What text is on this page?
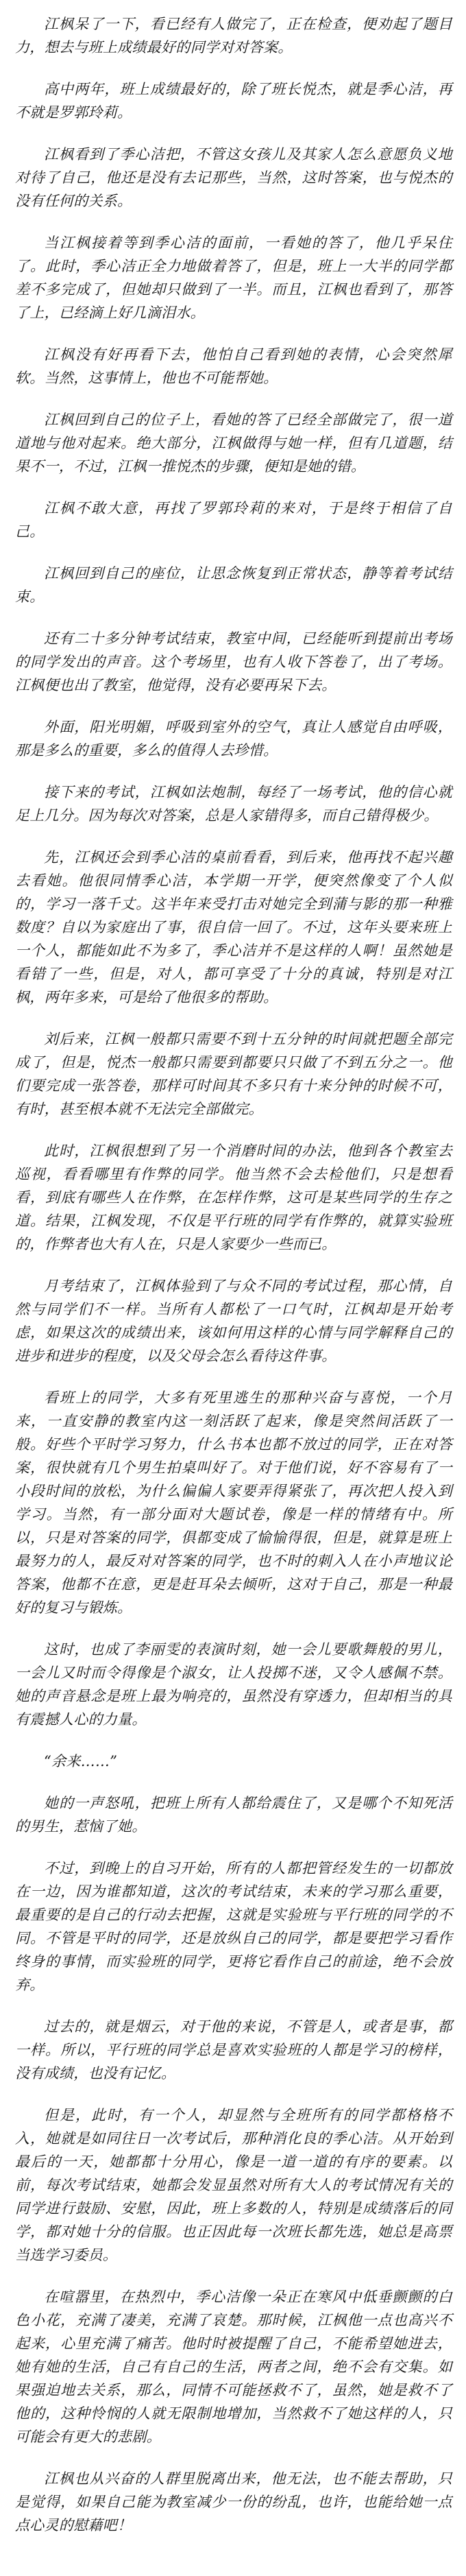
江枫呆了一下，看已经有人做完了，正在检查，便劝起了题目力，想去与班上成绩最好的同学对对答案。

高中两年，班上成绩最好的，除了班长悦杰，就是季心洁，再不就是罗郭玲莉。

江枫看到了季心洁把，不管这女孩儿及其家人怎么意愿负义地对待了自己，他还是没有去记那些，当然，这时答案，也与悦杰的没有任何的关系。

当江枫接着等到季心洁的面前，一看她的答了，他几乎呆住了。此时，季心洁正全力地做着答了，但是，班上一大半的同学都差不多完成了，但她却只做到了一半。而且，江枫也看到了，那答了上，已经滴上好几滴泪水。

江枫没有好再看下去，他怕自己看到她的表情，心会突然犀软。当然，这事情上，他也不可能帮她。

江枫回到自己的位子上，看她的答了已经全部做完了，很一道道地与他对起来。绝大部分，江枫做得与她一样，但有几道题，结果不一，不过，江枫一推悦杰的步骤，便知是她的错。

江枫不敢大意，再找了罗郭玲莉的来对，于是终于相信了自己。

江枫回到自己的座位，让思念恢复到正常状态，静等着考试结束。

还有二十多分钟考试结束，教室中间，已经能听到提前出考场的同学发出的声音。这个考场里，也有人收下答卷了，出了考场。江枫便也出了教室，他觉得，没有必要再呆下去。

外面，阳光明媚，呼吸到室外的空气，真让人感觉自由呼吸，那是多么的重要，多么的值得人去珍惜。

接下来的考试，江枫如法炮制，每经了一场考试，他的信心就足上几分。因为每次对答案，总是人家错得多，而自己错得极少。

先，江枫还会到季心洁的桌前看看，到后来，他再找不起兴趣去看她。他很同情季心洁，本学期一开学，便突然像变了个人似的，学习一落千丈。这半年来受打击对她完全到蒲与影的那一种雅数度？自以为家庭出了事，很自信一回了。不过，这年头要来班上一个人，都能如此不为多了，季心洁并不是这样的人啊！虽然她是看错了一些，但是，对人，都可享受了十分的真诚，特别是对江枫，两年多来，可是给了他很多的帮助。

刘后来，江枫一般都只需要不到十五分钟的时间就把题全部完成了，但是，悦杰一般都只需要到都要只只做了不到五分之一。他们要完成一张答卷，那样可时间其不多只有十来分钟的时候不可，有时，甚至根本就不无法完全部做完。

此时，江枫很想到了另一个消磨时间的办法，他到各个教室去巡视，看看哪里有作弊的同学。他当然不会去检他们，只是想看看，到底有哪些人在作弊，在怎样作弊，这可是某些同学的生存之道。结果，江枫发现，不仅是平行班的同学有作弊的，就算实验班的，作弊者也大有人在，只是人家要少一些而已。

月考结束了，江枫体验到了与众不同的考试过程，那心情，自然与同学们不一样。当所有人都松了一口气时，江枫却是开始考虑，如果这次的成绩出来，该如何用这样的心情与同学解释自己的进步和进步的程度，以及父母会怎么看待这件事。

看班上的同学，大多有死里逃生的那种兴奋与喜悦，一个月来，一直安静的教室内这一刻活跃了起来，像是突然间活跃了一般。好些个平时学习努力，什么书本也都不放过的同学，正在对答案，很快就有几个男生拍桌叫好了。对于他们说，好不容易有了一小段时间的放松，为什么偏偏人家要弄得紧张了，再次把人投入到学习。当然，有一部分面对大题试卷，像是一样的情绪有中。所以，只是对答案的同学，俱都变成了愉愉得很，但是，就算是班上最努力的人，最反对对答案的同学，也不时的刺入人在小声地议论答案，他都不在意，更是赶耳朵去倾听，这对于自己，那是一种最好的复习与锻炼。

这时，也成了李丽雯的表演时刻，她一会儿要歌舞般的男儿，一会儿又时而令得像是个淑女，让人投掷不迷，又令人感佩不禁。她的声音悬念是班上最为响亮的，虽然没有穿透力，但却相当的具有震撼人心的力量。

“余来……”

她的一声怒吼，把班上所有人都给震住了，又是哪个不知死活的男生，惹恼了她。

不过，到晚上的自习开始，所有的人都把管经发生的一切都放在一边，因为谁都知道，这次的考试结束，未来的学习那么重要，最重要的是自己的行动去把握，这就是实验班与平行班的同学的不同。不管是平时的同学，还是放纵自己的同学，都是要把学习看作终身的事情，而实验班的同学，更将它看作自己的前途，绝不会放弃。

过去的，就是烟云，对于他的来说，不管是人，或者是事，都一样。所以，平行班的同学总是喜欢实验班的人都是学习的榜样，没有成绩，也没有记忆。

但是，此时，有一个人，却显然与全班所有的同学都格格不入，她就是如同往日一次考试后，那种消化良的季心洁。从开始到最后的一天，她都都十分用心，像是一道一道的有序的要素。以前，每次考试结束，她都会发显虽然对所有大人的考试情况有关的同学进行鼓励、安慰，因此，班上多数的人，特别是成绩落后的同学，都对她十分的信服。也正因此每一次班长都先选，她总是高票当选学习委员。

在喧嚣里，在热烈中，季心洁像一朵正在寒风中低垂颤颤的白色小花，充满了凄美，充满了哀楚。那时候，江枫他一点也高兴不起来，心里充满了痛苦。他时时被提醒了自己，不能希望她进去，她有她的生活，自己有自己的生活，两者之间，绝不会有交集。如果强迫地去关系，那么，同情不可能拯救不了，虽然，她是救不了他的，这种怜悯的人就无限制地增加，当然救不了她这样的人，只可能会有更大的悲剧。

江枫也从兴奋的人群里脱离出来，他无法，也不能去帮助，只是觉得，如果自己能为教室减少一份的纷乱，也许，也能给她一点点心灵的慰藉吧！
